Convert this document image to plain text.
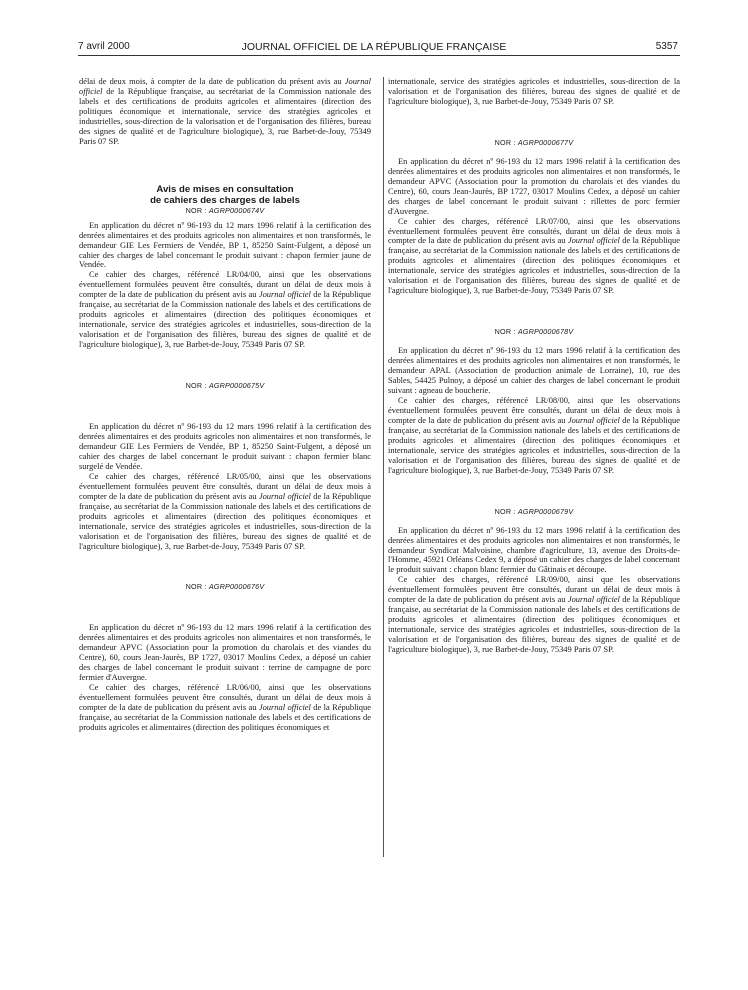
7 avril 2000	JOURNAL OFFICIEL DE LA RÉPUBLIQUE FRANÇAISE	5357

délai de deux mois, à compter de la date de publication du présent avis au Journal officiel de la République française, au secrétariat de la Commission nationale des labels et des certifications de produits agricoles et alimentaires (direction des politiques économique et internationale, service des stratégies agricoles et industrielles, sous-direction de la valorisation et de l'organisation des filières, bureau des signes de qualité et de l'agriculture biologique), 3, rue Barbet-de-Jouy, 75349 Paris 07 SP.

Avis de mises en consultation
de cahiers des charges de labels
NOR : AGRP0000674V

En application du décret nº 96-193 du 12 mars 1996 relatif à la certification des denrées alimentaires et des produits agricoles non alimentaires et non transformés, le demandeur GIE Les Fermiers de Vendée, BP 1, 85250 Saint-Fulgent, a déposé un cahier des charges de label concernant le produit suivant : chapon fermier jaune de Vendée.

Ce cahier des charges, référencé LR/04/00, ainsi que les observations éventuellement formulées peuvent être consultés, durant un délai de deux mois à compter de la date de publication du présent avis au Journal officiel de la République française, au secrétariat de la Commission nationale des labels et des certifications de produits agricoles et alimentaires (direction des politiques économiques et internationale, service des stratégies agricoles et industrielles, sous-direction de la valorisation et de l'organisation des filières, bureau des signes de qualité et de l'agriculture biologique), 3, rue Barbet-de-Jouy, 75349 Paris 07 SP.

NOR : AGRP0000675V

En application du décret nº 96-193 du 12 mars 1996 relatif à la certification des denrées alimentaires et des produits agricoles non alimentaires et non transformés, le demandeur GIE Les Fermiers de Vendée, BP 1, 85250 Saint-Fulgent, a déposé un cahier des charges de label concernant le produit suivant : chapon fermier blanc surgelé de Vendée.

Ce cahier des charges, référencé LR/05/00, ainsi que les observations éventuellement formulées peuvent être consultés, durant un délai de deux mois à compter de la date de publication du présent avis au Journal officiel de la République française, au secrétariat de la Commission nationale des labels et des certifications de produits agricoles et alimentaires (direction des politiques économiques et internationale, service des stratégies agricoles et industrielles, sous-direction de la valorisation et de l'organisation des filières, bureau des signes de qualité et de l'agriculture biologique), 3, rue Barbet-de-Jouy, 75349 Paris 07 SP.

NOR : AGRP0000676V

En application du décret nº 96-193 du 12 mars 1996 relatif à la certification des denrées alimentaires et des produits agricoles non alimentaires et non transformés, le demandeur APVC (Association pour la promotion du charolais et des viandes du Centre), 60, cours Jean-Jaurès, BP 1727, 03017 Moulins Cedex, a déposé un cahier des charges de label concernant le produit suivant : terrine de campagne de porc fermier d'Auvergne.

Ce cahier des charges, référencé LR/06/00, ainsi que les observations éventuellement formulées peuvent être consultés, durant un délai de deux mois à compter de la date de publication du présent avis au Journal officiel de la République française, au secrétariat de la Commission nationale des labels et des certifications de produits agricoles et alimentaires (direction des politiques économiques et

internationale, service des stratégies agricoles et industrielles, sous-direction de la valorisation et de l'organisation des filières, bureau des signes de qualité et de l'agriculture biologique), 3, rue Barbet-de-Jouy, 75349 Paris 07 SP.

NOR : AGRP0000677V

En application du décret nº 96-193 du 12 mars 1996 relatif à la certification des denrées alimentaires et des produits agricoles non alimentaires et non transformés, le demandeur APVC (Association pour la promotion du charolais et des viandes du Centre), 60, cours Jean-Jaurès, BP 1727, 03017 Moulins Cedex, a déposé un cahier des charges de label concernant le produit suivant : rillettes de porc fermier d'Auvergne.

Ce cahier des charges, référencé LR/07/00, ainsi que les observations éventuellement formulées peuvent être consultés, durant un délai de deux mois à compter de la date de publication du présent avis au Journal officiel de la République française, au secrétariat de la Commission nationale des labels et des certifications de produits agricoles et alimentaires (direction des politiques économiques et internationale, service des stratégies agricoles et industrielles, sous-direction de la valorisation et de l'organisation des filières, bureau des signes de qualité et de l'agriculture biologique), 3, rue Barbet-de-Jouy, 75349 Paris 07 SP.

NOR : AGRP0000678V

En application du décret nº 96-193 du 12 mars 1996 relatif à la certification des denrées alimentaires et des produits agricoles non alimentaires et non transformés, le demandeur APAL (Association de production animale de Lorraine), 10, rue des Sables, 54425 Pulnoy, a déposé un cahier des charges de label concernant le produit suivant : agneau de boucherie.

Ce cahier des charges, référencé LR/08/00, ainsi que les observations éventuellement formulées peuvent être consultés, durant un délai de deux mois à compter de la date de publication du présent avis au Journal officiel de la République française, au secrétariat de la Commission nationale des labels et des certifications de produits agricoles et alimentaires (direction des politiques économiques et internationale, service des stratégies agricoles et industrielles, sous-direction de la valorisation et de l'organisation des filières, bureau des signes de qualité et de l'agriculture biologique), 3, rue Barbet-de-Jouy, 75349 Paris 07 SP.

NOR : AGRP0000679V

En application du décret nº 96-193 du 12 mars 1996 relatif à la certification des denrées alimentaires et des produits agricoles non alimentaires et non transformés, le demandeur Syndicat Malvoisine, chambre d'agriculture, 13, avenue des Droits-de-l'Homme, 45921 Orléans Cedex 9, a déposé un cahier des charges de label concernant le produit suivant : chapon blanc fermier du Gâtinais et découpe.

Ce cahier des charges, référencé LR/09/00, ainsi que les observations éventuellement formulées peuvent être consultés, durant un délai de deux mois à compter de la date de publication du présent avis au Journal officiel de la République française, au secrétariat de la Commission nationale des labels et des certifications de produits agricoles et alimentaires (direction des politiques économiques et internationale, service des stratégies agricoles et industrielles, sous-direction de la valorisation et de l'organisation des filières, bureau des signes de qualité et de l'agriculture biologique), 3, rue Barbet-de-Jouy, 75349 Paris 07 SP.
